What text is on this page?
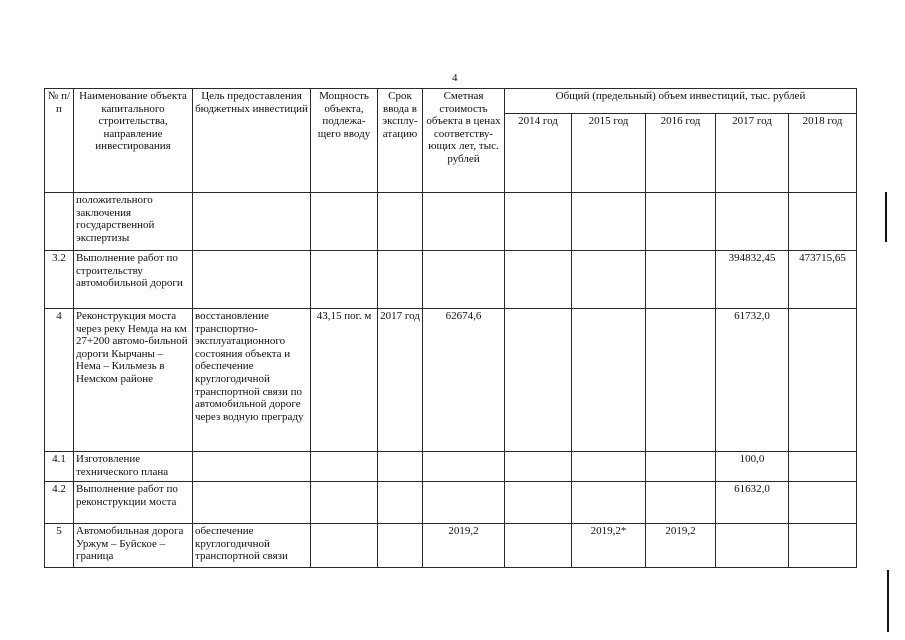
4
№ п/п	Наименование объекта капитального строительства, направление инвестирования	Цель предоставления бюджетных инвестиций	Мощность объекта, подлежа-щего вводу	Срок ввода в эксплу-атацию	Сметная стоимость объекта в ценах соответству-ющих лет, тыс. рублей	Общий (предельный) объем инвестиций, тыс. рублей				
						2014 год	2015 год	2016 год	2017 год	2018 год
	положительного заключения государственной экспертизы									
3.2	Выполнение работ по строительству автомобильной дороги								394832,45	473715,65
4	Реконструкция моста через реку Немда на км 27+200 автомо-бильной дороги Кырчаны – Нема – Кильмезь в Немском районе	восстановление транспортно-эксплуатационного состояния объекта и обеспечение круглогодичной транспортной связи по автомобильной дороге через водную преграду	43,15 пог. м	2017 год	62674,6				61732,0	
4.1	Изготовление технического плана								100,0	
4.2	Выполнение работ по реконструкции моста								61632,0	
5	Автомобильная дорога Уржум – Буйское – граница	обеспечение круглогодичной транспортной связи			2019,2		2019,2*	2019,2		
